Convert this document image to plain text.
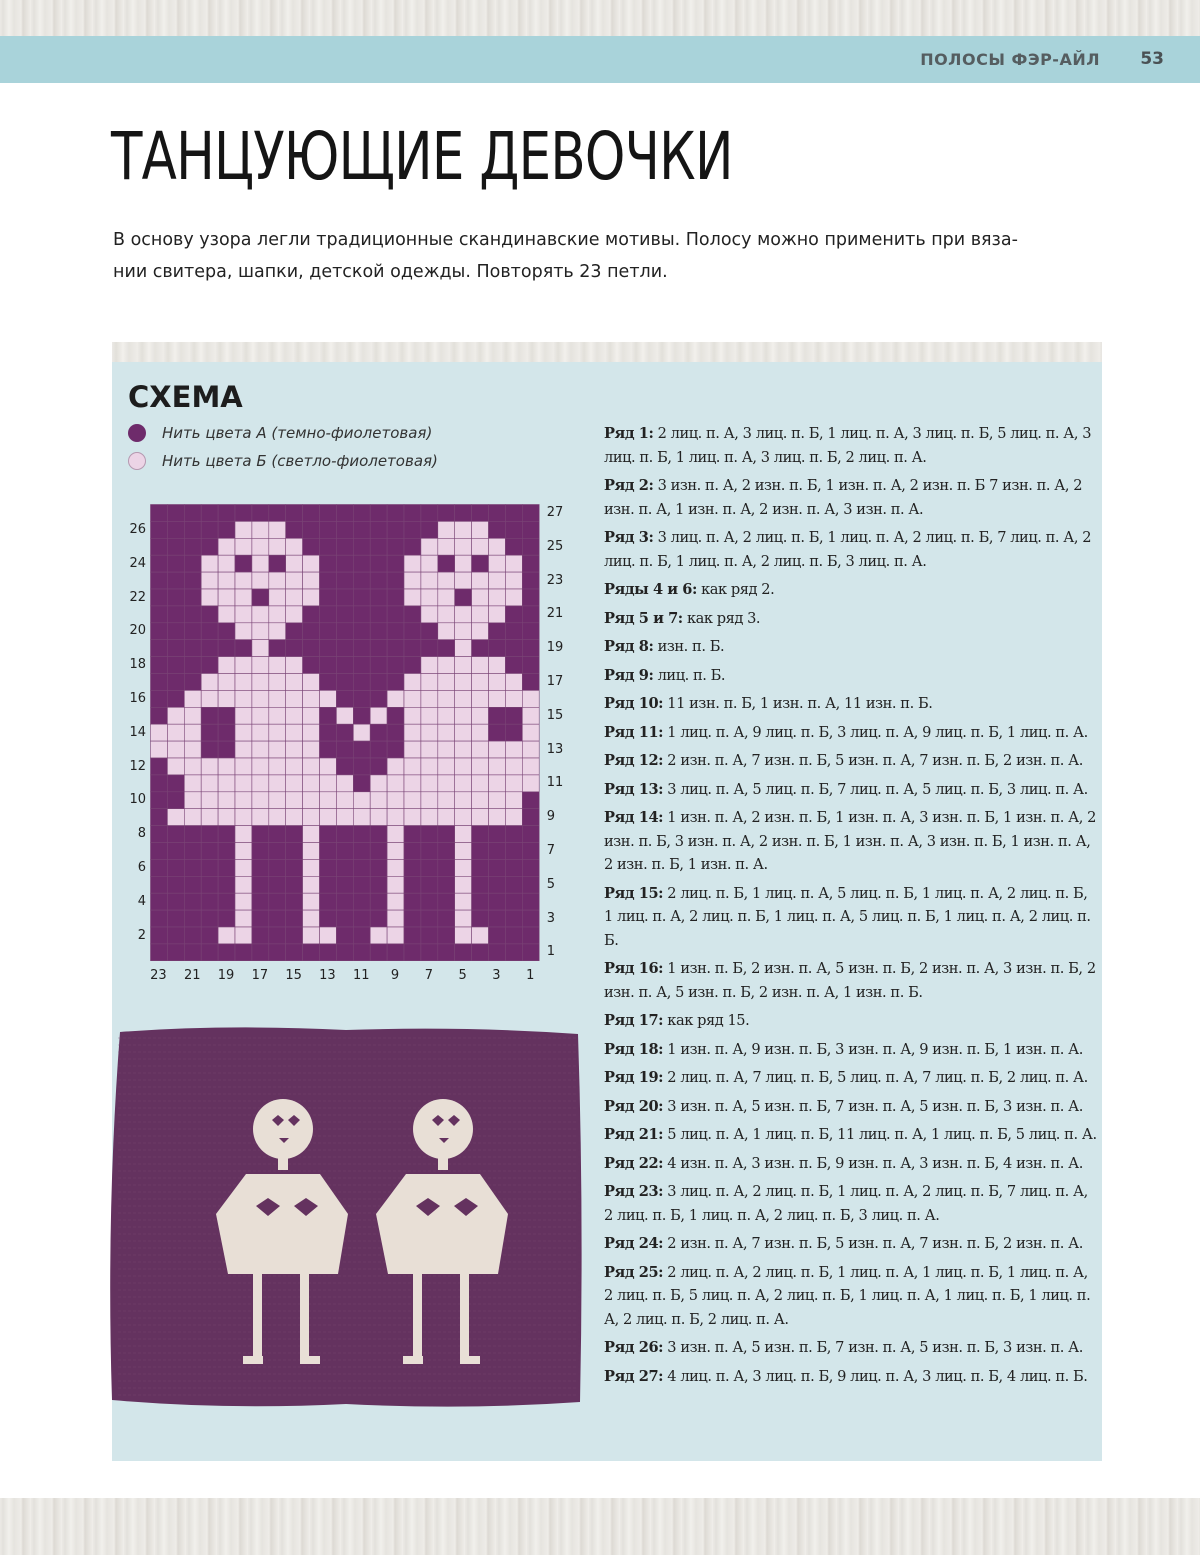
ПОЛОСЫ ФЭР-АЙЛ 53
ТАНЦУЮЩИЕ ДЕВОЧКИ

В основу узора легли традиционные скандинавские мотивы. Полосу можно применить при вяза-

нии свитера, шапки, детской одежды. Повторять 23 петли.

СХЕМА
Нить цвета А (темно-фиолетовая)
Нить цвета Б (светло-фиолетовая)
27
25
23
21
19
17
15
13
11
9
7
5
3
1
26
24
22
20
18
16
14
12
10
8
6
4
2
23 21 19 17 15 13 11	9	7	5	3	1
Ряд 1: 2 лиц. п. А, 3 лиц. п. Б, 1 лиц. п. А, 3 лиц. п. Б, 5 лиц. п. А, 3 лиц. п. Б, 1 лиц. п. А, 3 лиц. п. Б, 2 лиц. п. А.
Ряд 2: 3 изн. п. А, 2 изн. п. Б, 1 изн. п. А, 2 изн. п. Б 7 изн. п. А, 2 изн. п. А, 1 изн. п. А, 2 изн. п. А, 3 изн. п. А.
Ряд 3: 3 лиц. п. А, 2 лиц. п. Б, 1 лиц. п. А, 2 лиц. п. Б, 7 лиц. п. А, 2 лиц. п. Б, 1 лиц. п. А, 2 лиц. п. Б, 3 лиц. п. А.
Ряды 4 и 6: как ряд 2.
Ряд 5 и 7: как ряд 3.
Ряд 8: изн. п. Б.
Ряд 9: лиц. п. Б.
Ряд 10: 11 изн. п. Б, 1 изн. п. А, 11 изн. п. Б.
Ряд 11: 1 лиц. п. А, 9 лиц. п. Б, 3 лиц. п. А, 9 лиц. п. Б, 1 лиц. п. А.
Ряд 12: 2 изн. п. А, 7 изн. п. Б, 5 изн. п. А, 7 изн. п. Б, 2 изн. п. А.
Ряд 13: 3 лиц. п. А, 5 лиц. п. Б, 7 лиц. п. А, 5 лиц. п. Б, 3 лиц. п. А.
Ряд 14: 1 изн. п. А, 2 изн. п. Б, 1 изн. п. А, 3 изн. п. Б, 1 изн. п. А, 2 изн. п. Б, 3 изн. п. А, 2 изн. п. Б, 1 изн. п. А, 3 изн. п. Б, 1 изн. п. А, 2 изн. п. Б, 1 изн. п. А.
Ряд 15: 2 лиц. п. Б, 1 лиц. п. А, 5 лиц. п. Б, 1 лиц. п. А, 2 лиц. п. Б, 1 лиц. п. А, 2 лиц. п. Б, 1 лиц. п. А, 5 лиц. п. Б, 1 лиц. п. А, 2 лиц. п. Б.
Ряд 16: 1 изн. п. Б, 2 изн. п. А, 5 изн. п. Б, 2 изн. п. А, 3 изн. п. Б, 2 изн. п. А, 5 изн. п. Б, 2 изн. п. А, 1 изн. п. Б.
Ряд 17: как ряд 15.
Ряд 18: 1 изн. п. А, 9 изн. п. Б, 3 изн. п. А, 9 изн. п. Б, 1 изн. п. А.
Ряд 19: 2 лиц. п. А, 7 лиц. п. Б, 5 лиц. п. А, 7 лиц. п. Б, 2 лиц. п. А.
Ряд 20: 3 изн. п. А, 5 изн. п. Б, 7 изн. п. А, 5 изн. п. Б, 3 изн. п. А.
Ряд 21: 5 лиц. п. А, 1 лиц. п. Б, 11 лиц. п. А, 1 лиц. п. Б, 5 лиц. п. А.
Ряд 22: 4 изн. п. А, 3 изн. п. Б, 9 изн. п. А, 3 изн. п. Б, 4 изн. п. А.
Ряд 23: 3 лиц. п. А, 2 лиц. п. Б, 1 лиц. п. А, 2 лиц. п. Б, 7 лиц. п. А, 2 лиц. п. Б, 1 лиц. п. А, 2 лиц. п. Б, 3 лиц. п. А.
Ряд 24: 2 изн. п. А, 7 изн. п. Б, 5 изн. п. А, 7 изн. п. Б, 2 изн. п. А.
Ряд 25: 2 лиц. п. А, 2 лиц. п. Б, 1 лиц. п. А, 1 лиц. п. Б, 1 лиц. п. А, 2 лиц. п. Б, 5 лиц. п. А, 2 лиц. п. Б, 1 лиц. п. А, 1 лиц. п. Б, 1 лиц. п. А, 2 лиц. п. Б, 2 лиц. п. А.
Ряд 26: 3 изн. п. А, 5 изн. п. Б, 7 изн. п. А, 5 изн. п. Б, 3 изн. п. А.
Ряд 27: 4 лиц. п. А, 3 лиц. п. Б, 9 лиц. п. А, 3 лиц. п. Б, 4 лиц. п. Б.
